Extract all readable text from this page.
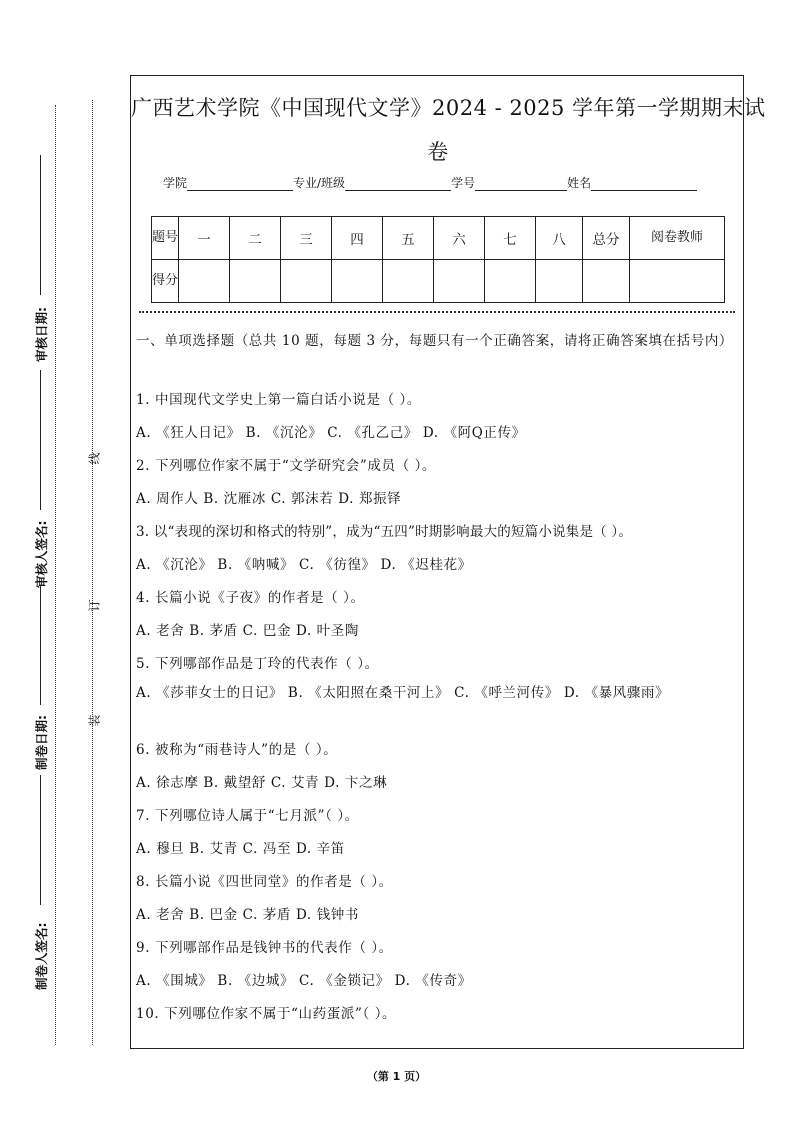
审核日期:
审核人签名:
制卷日期:
制卷人签名:
线
订
装
广西艺术学院《中国现代文学》2024 - 2025 学年第一学期期末试
卷
学院	专业/班级	学号	姓名
题号	一	二	三	四	五	六	七	八	总分	阅卷教师
得分										

一、单项选择题（总共 10 题，每题 3 分，每题只有一个正确答案，请将正确答案填在括号内）

1. 中国现代文学史上第一篇白话小说是（ ）。

A. 《狂人日记》 B. 《沉沦》 C. 《孔乙己》 D. 《阿Q正传》

2. 下列哪位作家不属于“文学研究会”成员（ ）。

A. 周作人 B. 沈雁冰 C. 郭沫若 D. 郑振铎

3. 以“表现的深切和格式的特别”，成为“五四”时期影响最大的短篇小说集是（ ）。

A. 《沉沦》 B. 《呐喊》 C. 《彷徨》 D. 《迟桂花》

4. 长篇小说《子夜》的作者是（ ）。

A. 老舍 B. 茅盾 C. 巴金 D. 叶圣陶

5. 下列哪部作品是丁玲的代表作（ ）。

A. 《莎菲女士的日记》 B. 《太阳照在桑干河上》 C. 《呼兰河传》 D. 《暴风骤雨》

6. 被称为“雨巷诗人”的是（ ）。

A. 徐志摩 B. 戴望舒 C. 艾青 D. 卞之琳

7. 下列哪位诗人属于“七月派”（ ）。

A. 穆旦 B. 艾青 C. 冯至 D. 辛笛

8. 长篇小说《四世同堂》的作者是（ ）。

A. 老舍 B. 巴金 C. 茅盾 D. 钱钟书

9. 下列哪部作品是钱钟书的代表作（ ）。

A. 《围城》 B. 《边城》 C. 《金锁记》 D. 《传奇》

10. 下列哪位作家不属于“山药蛋派”（ ）。

（第 1 页）
